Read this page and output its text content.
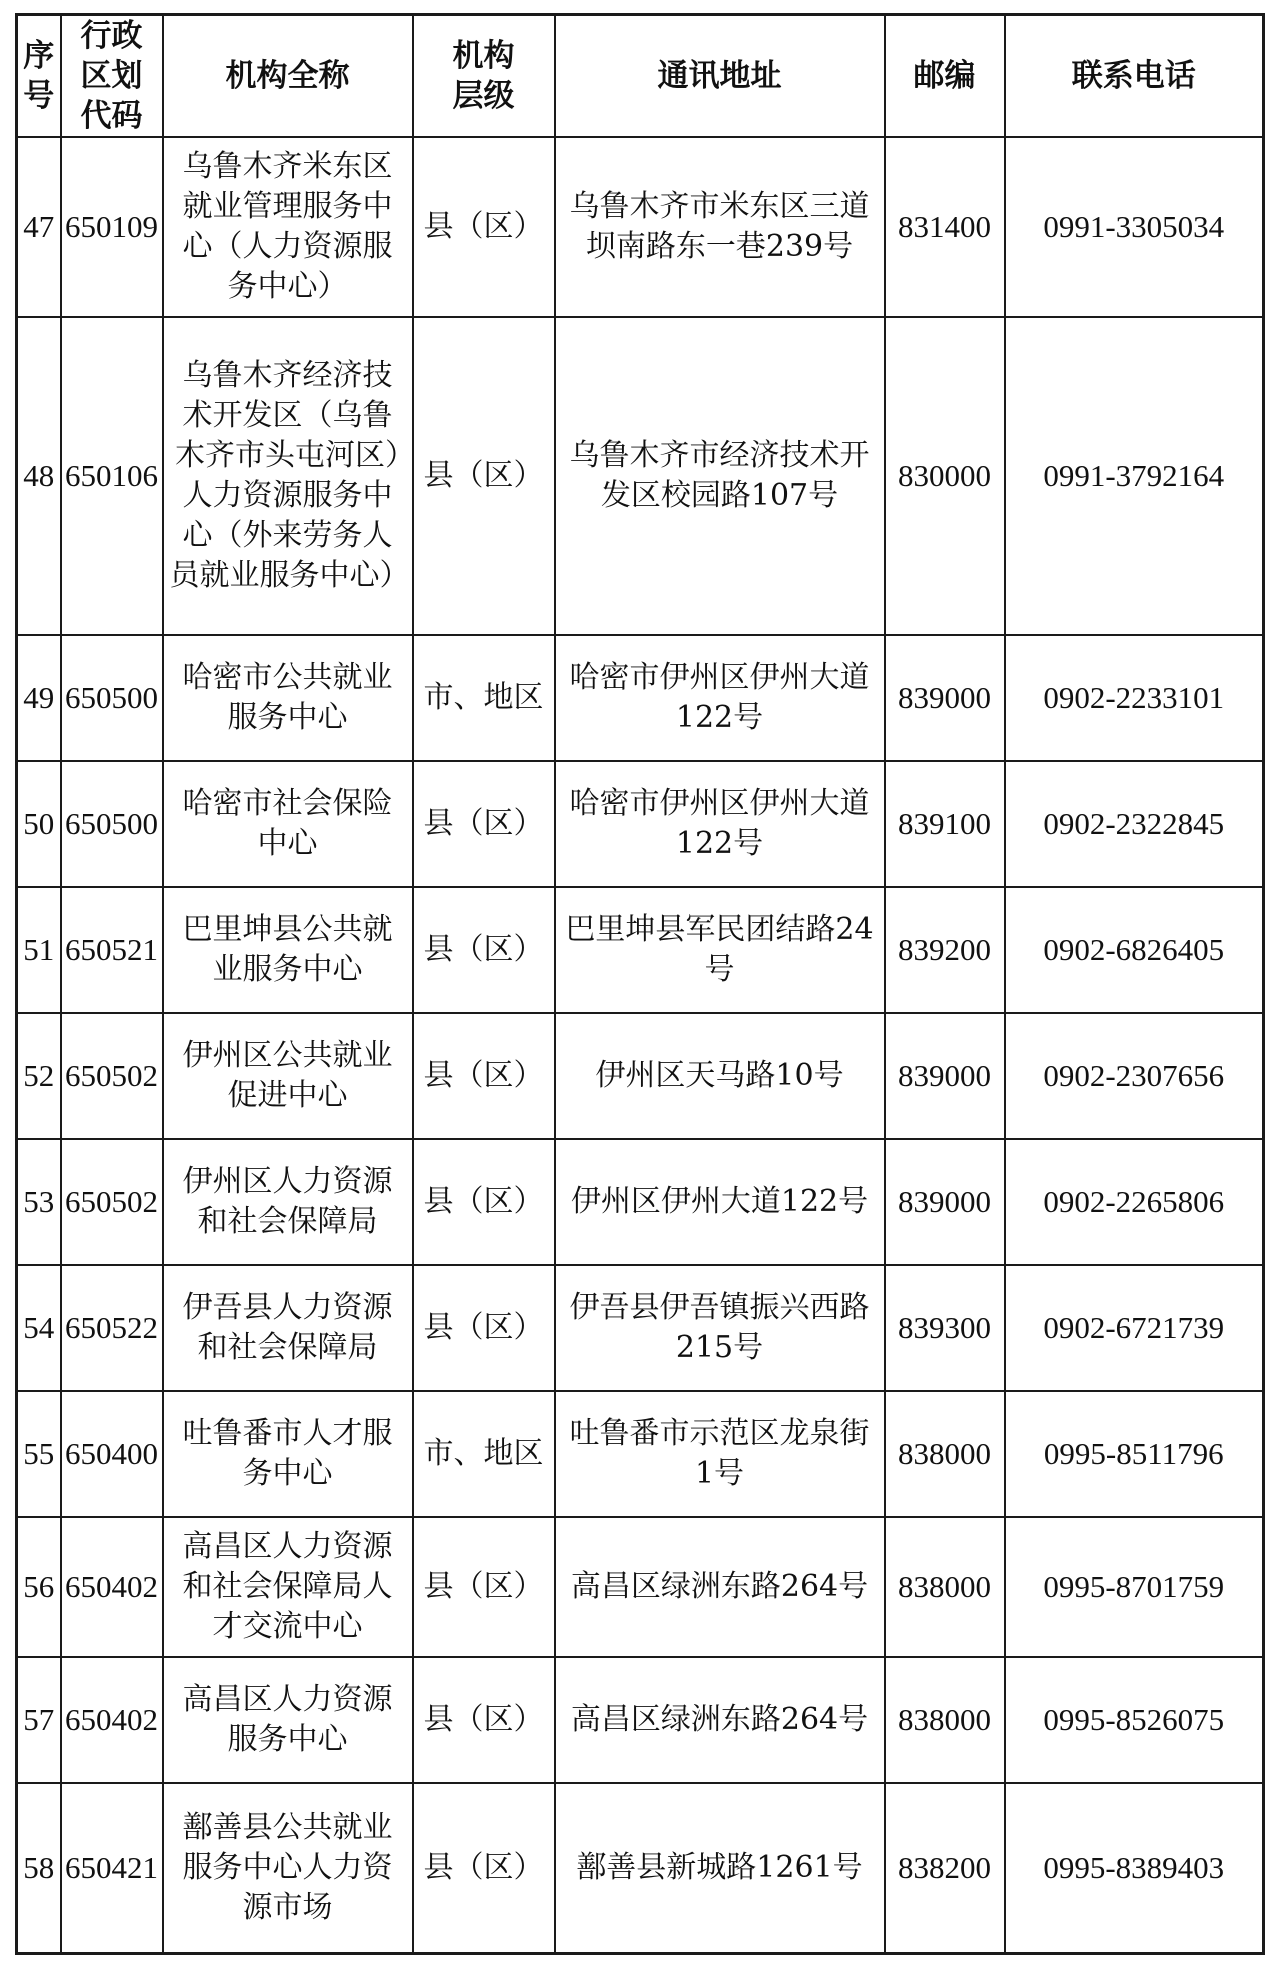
序号	行政区划代码	机构全称	机构层级	通讯地址	邮编	联系电话
47	650109	乌鲁木齐米东区就业管理服务中心（人力资源服务中心）	县（区）	乌鲁木齐市米东区三道坝南路东一巷239号	831400	0991-3305034
48	650106	乌鲁木齐经济技术开发区（乌鲁木齐市头屯河区）人力资源服务中心（外来劳务人员就业服务中心）	县（区）	乌鲁木齐市经济技术开发区校园路107号	830000	0991-3792164
49	650500	哈密市公共就业服务中心	市、地区	哈密市伊州区伊州大道122号	839000	0902-2233101
50	650500	哈密市社会保险中心	县（区）	哈密市伊州区伊州大道122号	839100	0902-2322845
51	650521	巴里坤县公共就业服务中心	县（区）	巴里坤县军民团结路24号	839200	0902-6826405
52	650502	伊州区公共就业促进中心	县（区）	伊州区天马路10号	839000	0902-2307656
53	650502	伊州区人力资源和社会保障局	县（区）	伊州区伊州大道122号	839000	0902-2265806
54	650522	伊吾县人力资源和社会保障局	县（区）	伊吾县伊吾镇振兴西路215号	839300	0902-6721739
55	650400	吐鲁番市人才服务中心	市、地区	吐鲁番市示范区龙泉街1号	838000	0995-8511796
56	650402	高昌区人力资源和社会保障局人才交流中心	县（区）	高昌区绿洲东路264号	838000	0995-8701759
57	650402	高昌区人力资源服务中心	县（区）	高昌区绿洲东路264号	838000	0995-8526075
58	650421	鄯善县公共就业服务中心人力资源市场	县（区）	鄯善县新城路1261号	838200	0995-8389403
